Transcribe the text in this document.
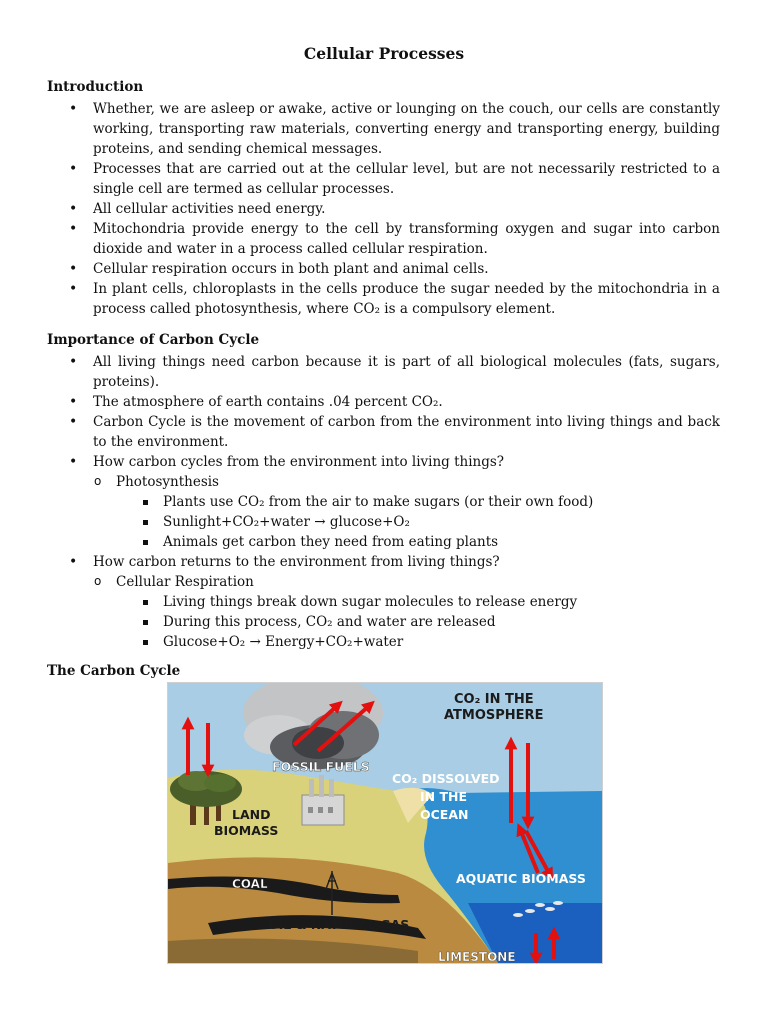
Cellular Processes
Introduction
• Whether, we are asleep or awake, active or lounging on the couch, our cells are constantly working, transporting raw materials, converting energy and transporting energy, building proteins, and sending chemical messages.
• Processes that are carried out at the cellular level, but are not necessarily restricted to a single cell are termed as cellular processes.
• All cellular activities need energy.
• Mitochondria provide energy to the cell by transforming oxygen and sugar into carbon dioxide and water in a process called cellular respiration.
• Cellular respiration occurs in both plant and animal cells.
• In plant cells, chloroplasts in the cells produce the sugar needed by the mitochondria in a process called photosynthesis, where CO₂ is a compulsory element.
Importance of Carbon Cycle
• All living things need carbon because it is part of all biological molecules (fats, sugars, proteins).
• The atmosphere of earth contains .04 percent CO₂.
• Carbon Cycle is the movement of carbon from the environment into living things and back to the environment.
• How carbon cycles from the environment into living things?
o Photosynthesis
Plants use CO₂ from the air to make sugars (or their own food)
Sunlight+CO₂+water → glucose+O₂
Animals get carbon they need from eating plants
• How carbon returns to the environment from living things?
o Cellular Respiration
Living things break down sugar molecules to release energy
During this process, CO₂ and water are released
Glucose+O₂ → Energy+CO₂+water
The Carbon Cycle
CO₂ IN THE
ATMOSPHERE
FOSSIL FUELS
CO₂ DISSOLVED
IN THE
OCEAN
LAND
BIOMASS
AQUATIC BIOMASS
COAL
OIL & NATURAL GAS
LIMESTONE
